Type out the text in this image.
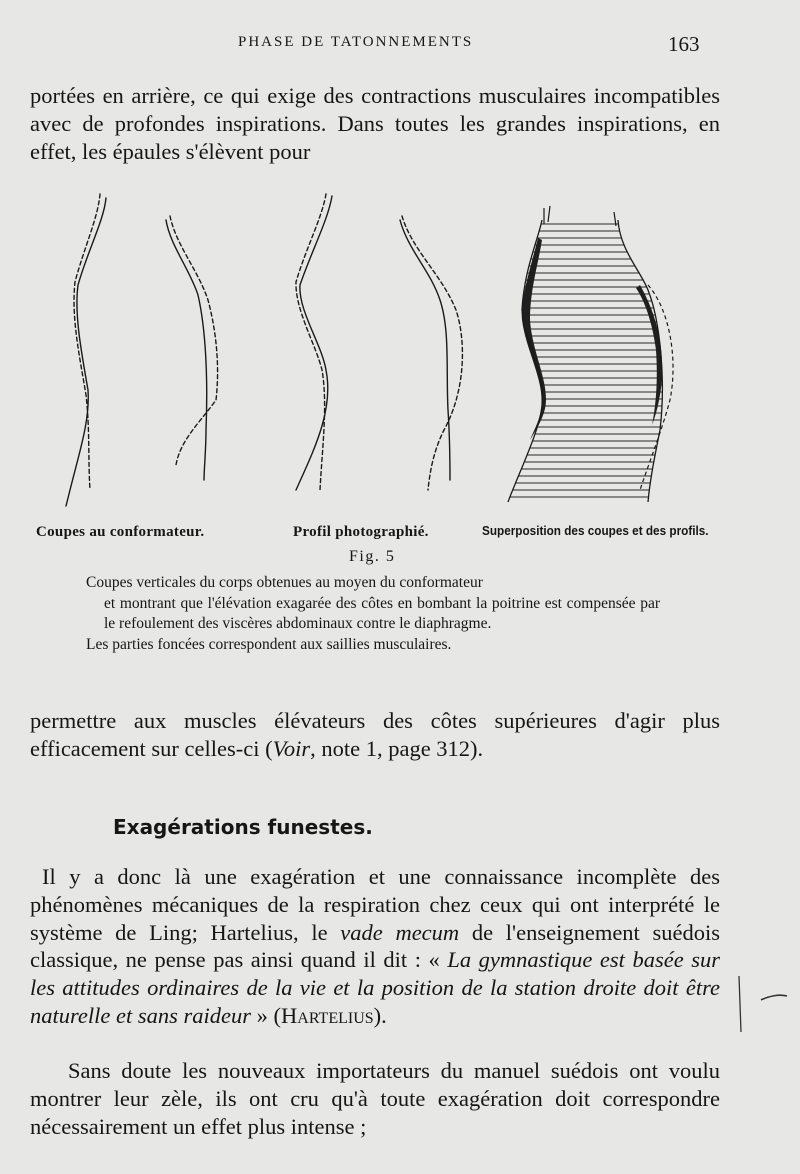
PHASE DE TATONNEMENTS	163

portées en arrière, ce qui exige des contractions musculaires incompatibles avec de profondes inspirations. Dans toutes les grandes inspirations, en effet, les épaules s'élèvent pour

Coupes au conformateur.	Profil photographié.	Superposition des coupes et des profils.
Fig. 5

Coupes verticales du corps obtenues au moyen du conformateur
et montrant que l'élévation exagarée des côtes en bombant la poitrine est compensée par le refoulement des viscères abdominaux contre le diaphragme.
Les parties foncées correspondent aux saillies musculaires.

permettre aux muscles élévateurs des côtes supérieures d'agir plus efficacement sur celles-ci (Voir, note 1, page 312).

Exagérations funestes.

Il y a donc là une exagération et une connaissance incomplète des phénomènes mécaniques de la respiration chez ceux qui ont interprété le système de Ling; Hartelius, le vade mecum de l'enseignement suédois classique, ne pense pas ainsi quand il dit : « La gymnastique est basée sur les attitudes ordinaires de la vie et la position de la station droite doit être naturelle et sans raideur » (Hartelius).

Sans doute les nouveaux importateurs du manuel suédois ont voulu montrer leur zèle, ils ont cru qu'à toute exagération doit correspondre nécessairement un effet plus intense ;
